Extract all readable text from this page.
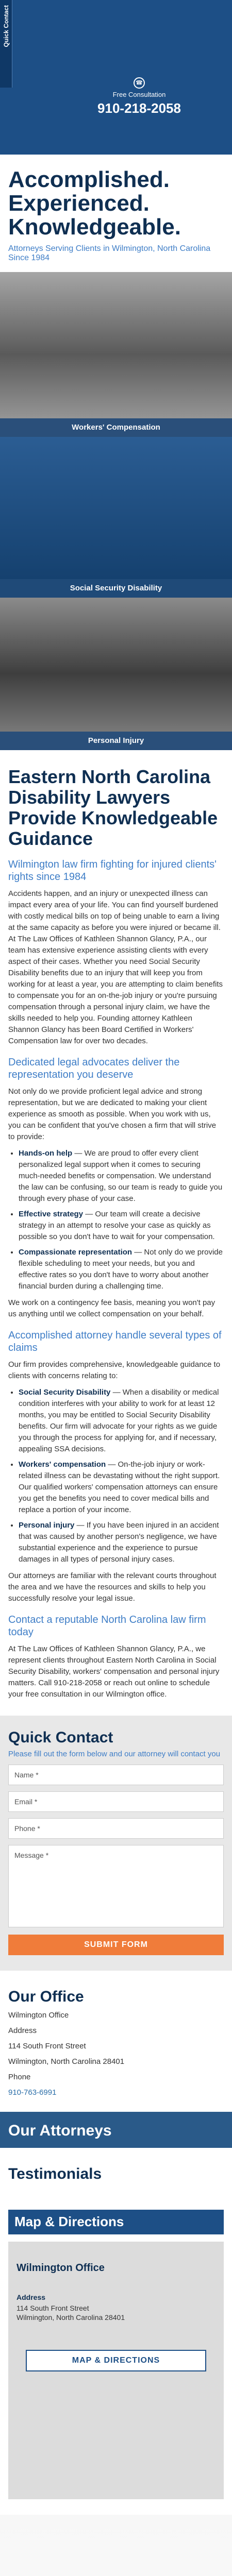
Quick Contact
☎
Free Consultation
910-218-2058
Accomplished.
Experienced.
Knowledgeable.
Attorneys Serving Clients in Wilmington, North Carolina Since 1984
Workers' Compensation
Social Security Disability
Personal Injury
Eastern North Carolina Disability Lawyers Provide Knowledgeable Guidance
Wilmington law firm fighting for injured clients' rights since 1984

Accidents happen, and an injury or unexpected illness can impact every area of your life. You can find yourself burdened with costly medical bills on top of being unable to earn a living at the same capacity as before you were injured or became ill. At The Law Offices of Kathleen Shannon Glancy, P.A., our team has extensive experience assisting clients with every aspect of their cases. Whether you need Social Security Disability benefits due to an injury that will keep you from working for at least a year, you are attempting to claim benefits to compensate you for an on-the-job injury or you're pursuing compensation through a personal injury claim, we have the skills needed to help you. Founding attorney Kathleen Shannon Glancy has been Board Certified in Workers' Compensation law for over two decades.

Dedicated legal advocates deliver the representation you deserve

Not only do we provide proficient legal advice and strong representation, but we are dedicated to making your client experience as smooth as possible. When you work with us, you can be confident that you've chosen a firm that will strive to provide:

• Hands-on help — We are proud to offer every client personalized legal support when it comes to securing much-needed benefits or compensation. We understand the law can be confusing, so our team is ready to guide you through every phase of your case.
• Effective strategy — Our team will create a decisive strategy in an attempt to resolve your case as quickly as possible so you don't have to wait for your compensation.
• Compassionate representation — Not only do we provide flexible scheduling to meet your needs, but you and effective rates so you don't have to worry about another financial burden during a challenging time.

We work on a contingency fee basis, meaning you won't pay us anything until we collect compensation on your behalf.

Accomplished attorney handle several types of claims

Our firm provides comprehensive, knowledgeable guidance to clients with concerns relating to:

• Social Security Disability — When a disability or medical condition interferes with your ability to work for at least 12 months, you may be entitled to Social Security Disability benefits. Our firm will advocate for your rights as we guide you through the process for applying for, and if necessary, appealing SSA decisions.
• Workers' compensation — On-the-job injury or work-related illness can be devastating without the right support. Our qualified workers' compensation attorneys can ensure you get the benefits you need to cover medical bills and replace a portion of your income.
• Personal injury — If you have been injured in an accident that was caused by another person's negligence, we have substantial experience and the experience to pursue damages in all types of personal injury cases.

Our attorneys are familiar with the relevant courts throughout the area and we have the resources and skills to help you successfully resolve your legal issue.

Contact a reputable North Carolina law firm today

At The Law Offices of Kathleen Shannon Glancy, P.A., we represent clients throughout Eastern North Carolina in Social Security Disability, workers' compensation and personal injury matters. Call 910-218-2058 or reach out online to schedule your free consultation in our Wilmington office.

Quick Contact
Please fill out the form below and our attorney will contact you
Name *
Email *
Phone *
Message *
SUBMIT FORM
Our Office
Wilmington Office
Address
114 South Front Street
Wilmington, North Carolina 28401
Phone
910-763-6991
Our Attorneys
Testimonials
Map & Directions
Wilmington Office
Address
114 South Front Street
Wilmington, North Carolina 28401
MAP & DIRECTIONS
